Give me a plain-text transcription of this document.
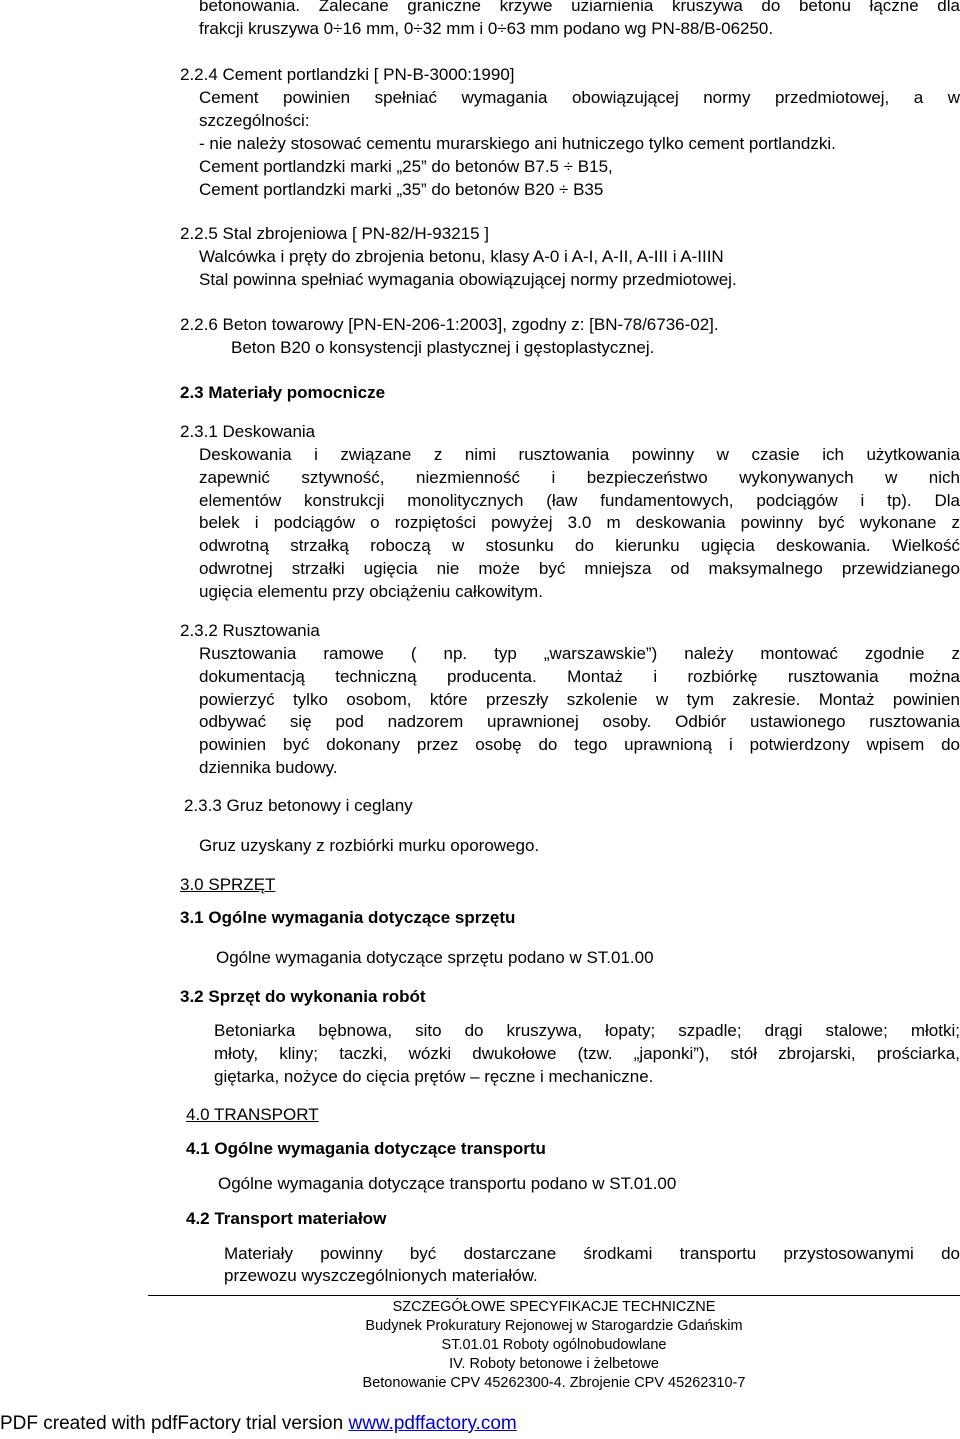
betonowania. Zalecane graniczne krzywe uziarnienia kruszywa do betonu łączne dla
frakcji kruszywa 0÷16 mm, 0÷32 mm i 0÷63 mm podano wg PN-88/B-06250.
2.2.4 Cement portlandzki [ PN-B-3000:1990]
Cement powinien spełniać wymagania obowiązującej normy przedmiotowej, a w
szczególności:
- nie należy stosować cementu murarskiego ani hutniczego tylko cement portlandzki.
Cement portlandzki marki „25” do betonów B7.5 ÷ B15,
Cement portlandzki marki „35” do betonów B20 ÷ B35
2.2.5 Stal zbrojeniowa [ PN-82/H-93215 ]
Walcówka i pręty do zbrojenia betonu, klasy A-0 i A-I, A-II, A-III i A-IIIN
Stal powinna spełniać wymagania obowiązującej normy przedmiotowej.
2.2.6 Beton towarowy [PN-EN-206-1:2003], zgodny z: [BN-78/6736-02].
Beton B20 o konsystencji plastycznej i gęstoplastycznej.
2.3 Materiały pomocnicze
2.3.1 Deskowania
Deskowania i związane z nimi rusztowania powinny w czasie ich użytkowania
zapewnić sztywność, niezmienność i bezpieczeństwo wykonywanych w nich
elementów konstrukcji monolitycznych (ław fundamentowych, podciągów i tp). Dla
belek i podciągów o rozpiętości powyżej 3.0 m deskowania powinny być wykonane z
odwrotną strzałką roboczą w stosunku do kierunku ugięcia deskowania. Wielkość
odwrotnej strzałki ugięcia nie może być mniejsza od maksymalnego przewidzianego
ugięcia elementu przy obciążeniu całkowitym.
2.3.2 Rusztowania
Rusztowania ramowe ( np. typ „warszawskie”) należy montować zgodnie z
dokumentacją techniczną producenta. Montaż i rozbiórkę rusztowania można
powierzyć tylko osobom, które przeszły szkolenie w tym zakresie. Montaż powinien
odbywać się pod nadzorem uprawnionej osoby. Odbiór ustawionego rusztowania
powinien być dokonany przez osobę do tego uprawnioną i potwierdzony wpisem do
dziennika budowy.
2.3.3 Gruz betonowy i ceglany
Gruz uzyskany z rozbiórki murku oporowego.
3.0 SPRZĘT
3.1 Ogólne wymagania dotyczące sprzętu
Ogólne wymagania dotyczące sprzętu podano w ST.01.00
3.2 Sprzęt do wykonania robót
Betoniarka bębnowa, sito do kruszywa, łopaty; szpadle; drągi stalowe; młotki;
młoty, kliny; taczki, wózki dwukołowe (tzw. „japonki”), stół zbrojarski, prościarka,
giętarka, nożyce do cięcia prętów – ręczne i mechaniczne.
4.0 TRANSPORT
4.1 Ogólne wymagania dotyczące transportu
Ogólne wymagania dotyczące transportu podano w ST.01.00
4.2 Transport materiałow
Materiały powinny być dostarczane środkami transportu przystosowanymi do
przewozu wyszczególnionych materiałów.
SZCZEGÓŁOWE SPECYFIKACJE TECHNICZNE
Budynek Prokuratury Rejonowej w Starogardzie Gdańskim
ST.01.01 Roboty ogólnobudowlane
IV. Roboty betonowe i żelbetowe
Betonowanie CPV 45262300-4. Zbrojenie CPV 45262310-7
PDF created with pdfFactory trial version www.pdffactory.com
